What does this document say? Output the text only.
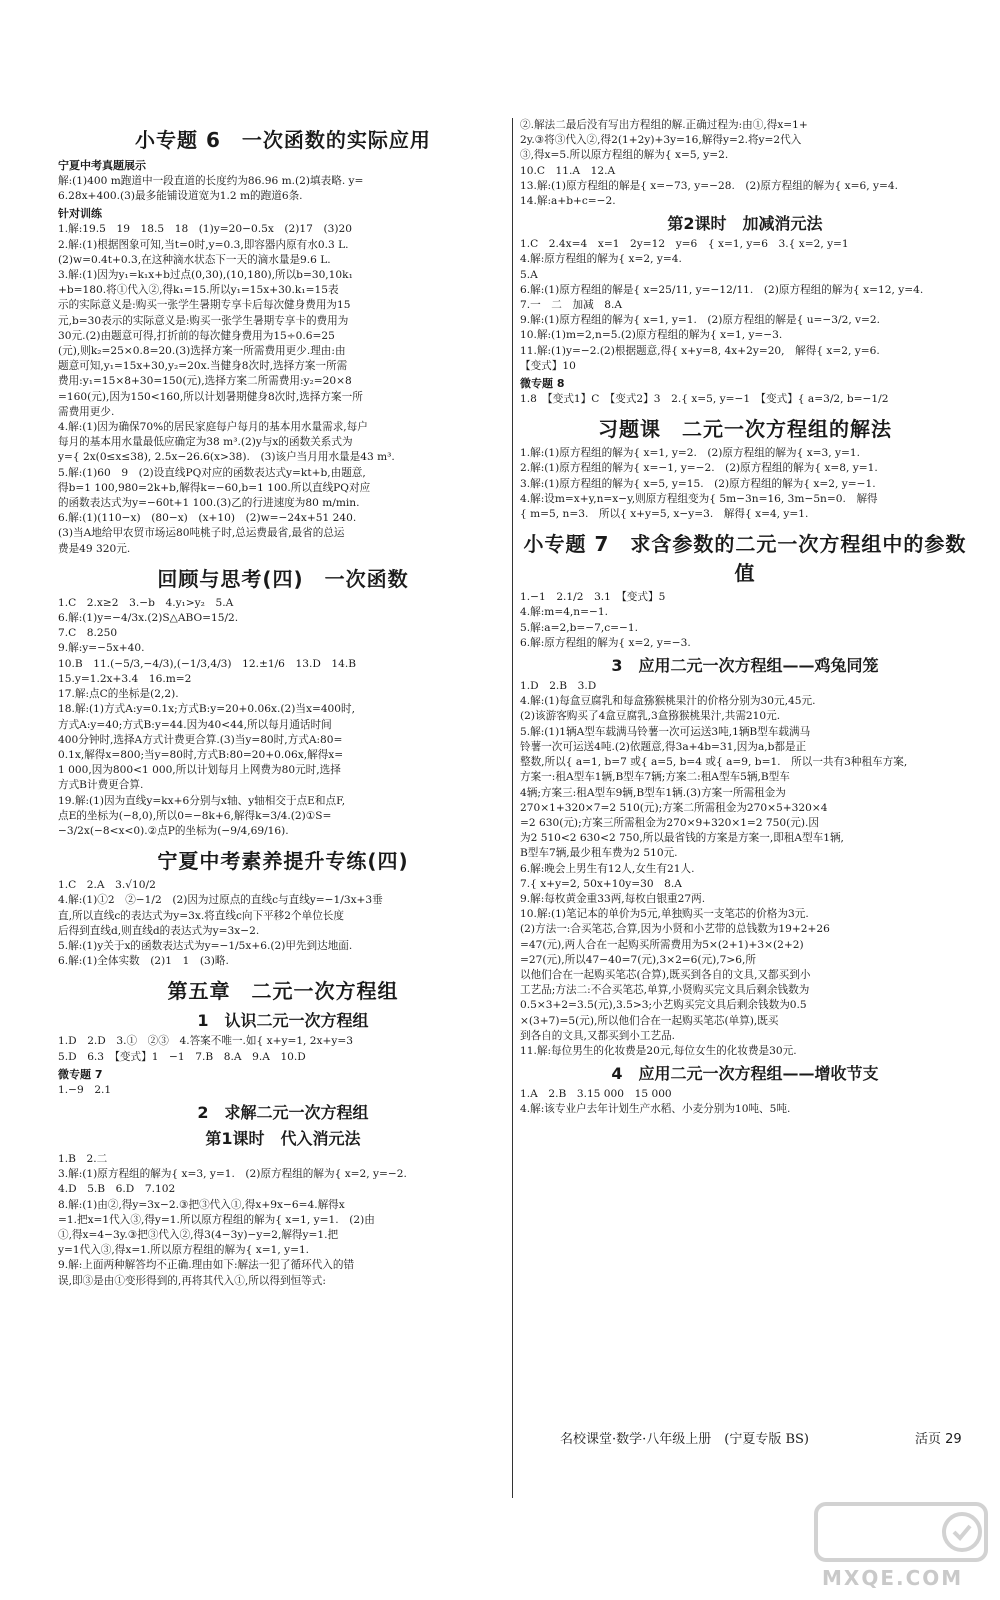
小专题 6　一次函数的实际应用
宁夏中考真题展示
解:(1)400 m跑道中一段直道的长度约为86.96 m.(2)填表略. y=
6.28x+400.(3)最多能铺设道宽为1.2 m的跑道6条.
针对训练
1.解:19.5　19　18.5　18　(1)y=20−0.5x　(2)17　(3)20
2.解:(1)根据图象可知,当t=0时,y=0.3,即容器内原有水0.3 L.
(2)w=0.4t+0.3,在这种滴水状态下一天的滴水量是9.6 L.
3.解:(1)因为y₁=k₁x+b过点(0,30),(10,180),所以b=30,10k₁
+b=180.将①代入②,得k₁=15.所以y₁=15x+30.k₁=15表
示的实际意义是:购买一张学生暑期专享卡后每次健身费用为15
元,b=30表示的实际意义是:购买一张学生暑期专享卡的费用为
30元.(2)由题意可得,打折前的每次健身费用为15÷0.6=25
(元),则k₂=25×0.8=20.(3)选择方案一所需费用更少.理由:由
题意可知,y₁=15x+30,y₂=20x.当健身8次时,选择方案一所需
费用:y₁=15×8+30=150(元),选择方案二所需费用:y₂=20×8
=160(元),因为150<160,所以计划暑期健身8次时,选择方案一所
需费用更少.
4.解:(1)因为确保70%的居民家庭每户每月的基本用水量需求,每户
每月的基本用水量最低应确定为38 m³.(2)y与x的函数关系式为
y={ 2x(0≤x≤38), 2.5x−26.6(x>38).　(3)该户当月用水量是43 m³.
5.解:(1)60　9　(2)设直线PQ对应的函数表达式y=kt+b,由题意,
得b=1 100,980=2k+b,解得k=−60,b=1 100.所以直线PQ对应
的函数表达式为y=−60t+1 100.(3)乙的行进速度为80 m/min.
6.解:(1)(110−x)　(80−x)　(x+10)　(2)w=−24x+51 240.
(3)当A地给甲农贸市场运80吨桃子时,总运费最省,最省的总运
费是49 320元.
回顾与思考(四)　一次函数
1.C　2.x≥2　3.−b　4.y₁>y₂　5.A
6.解:(1)y=−4/3x.(2)S△ABO=15/2.
7.C　8.250
9.解:y=−5x+40.
10.B　11.(−5/3,−4/3),(−1/3,4/3)　12.±1/6　13.D　14.B
15.y=1.2x+3.4　16.m=2
17.解:点C的坐标是(2,2).
18.解:(1)方式A:y=0.1x;方式B:y=20+0.06x.(2)当x=400时,
方式A:y=40;方式B:y=44.因为40<44,所以每月通话时间
400分钟时,选择A方式计费更合算.(3)当y=80时,方式A:80=
0.1x,解得x=800;当y=80时,方式B:80=20+0.06x,解得x=
1 000,因为800<1 000,所以计划每月上网费为80元时,选择
方式B计费更合算.
19.解:(1)因为直线y=kx+6分别与x轴、y轴相交于点E和点F,
点E的坐标为(−8,0),所以0=−8k+6,解得k=3/4.(2)①S=
−3/2x(−8<x<0).②点P的坐标为(−9/4,69/16).
宁夏中考素养提升专练(四)
1.C　2.A　3.√10/2
4.解:(1)①2　②−1/2　(2)因为过原点的直线c与直线y=−1/3x+3垂
直,所以直线c的表达式为y=3x.将直线c向下平移2个单位长度
后得到直线d,则直线d的表达式为y=3x−2.
5.解:(1)y关于x的函数表达式为y=−1/5x+6.(2)甲先到达地面.
6.解:(1)全体实数　(2)1　1　(3)略.
第五章　二元一次方程组
1　认识二元一次方程组
1.D　2.D　3.①　②③　4.答案不唯一.如{ x+y=1, 2x+y=3
5.D　6.3　【变式】1　−1　7.B　8.A　9.A　10.D
微专题 7
1.−9　2.1
2　求解二元一次方程组
第1课时　代入消元法
1.B　2.二
3.解:(1)原方程组的解为{ x=3, y=1.　(2)原方程组的解为{ x=2, y=−2.
4.D　5.B　6.D　7.102
8.解:(1)由②,得y=3x−2.③把③代入①,得x+9x−6=4.解得x
=1.把x=1代入③,得y=1.所以原方程组的解为{ x=1, y=1.　(2)由
①,得x=4−3y.③把③代入②,得3(4−3y)−y=2,解得y=1.把
y=1代入③,得x=1.所以原方程组的解为{ x=1, y=1.
9.解:上面两种解答均不正确.理由如下:解法一犯了循环代入的错
误,即③是由①变形得到的,再将其代入①,所以得到恒等式:
②.解法二最后没有写出方程组的解.正确过程为:由①,得x=1+
2y.③将③代入②,得2(1+2y)+3y=16,解得y=2.将y=2代入
③,得x=5.所以原方程组的解为{ x=5, y=2.
10.C　11.A　12.A
13.解:(1)原方程组的解是{ x=−73, y=−28.　(2)原方程组的解为{ x=6, y=4.
14.解:a+b+c=−2.
第2课时　加减消元法
1.C　2.4x=4　x=1　2y=12　y=6　{ x=1, y=6　3.{ x=2, y=1
4.解:原方程组的解为{ x=2, y=4.
5.A
6.解:(1)原方程组的解是{ x=25/11, y=−12/11.　(2)原方程组的解为{ x=12, y=4.
7.一　二　加减　8.A
9.解:(1)原方程组的解为{ x=1, y=1.　(2)原方程组的解是{ u=−3/2, v=2.
10.解:(1)m=2,n=5.(2)原方程组的解为{ x=1, y=−3.
11.解:(1)y=−2.(2)根据题意,得{ x+y=8, 4x+2y=20,　解得{ x=2, y=6.
【变式】10
微专题 8
1.8　【变式1】C　【变式2】3　2.{ x=5, y=−1　【变式】{ a=3/2, b=−1/2
习题课　二元一次方程组的解法
1.解:(1)原方程组的解为{ x=1, y=2.　(2)原方程组的解为{ x=3, y=1.
2.解:(1)原方程组的解为{ x=−1, y=−2.　(2)原方程组的解为{ x=8, y=1.
3.解:(1)原方程组的解为{ x=5, y=15.　(2)原方程组的解为{ x=2, y=−1.
4.解:设m=x+y,n=x−y,则原方程组变为{ 5m−3n=16, 3m−5n=0.　解得
{ m=5, n=3.　所以{ x+y=5, x−y=3.　解得{ x=4, y=1.
小专题 7　求含参数的二元一次方程组中的参数值
1.−1　2.1/2　3.1　【变式】5
4.解:m=4,n=−1.
5.解:a=2,b=−7,c=−1.
6.解:原方程组的解为{ x=2, y=−3.
3　应用二元一次方程组——鸡兔同笼
1.D　2.B　3.D
4.解:(1)每盒豆腐乳和每盒猕猴桃果汁的价格分别为30元,45元.
(2)该游客购买了4盒豆腐乳,3盒猕猴桃果汁,共需210元.
5.解:(1)1辆A型车载满马铃薯一次可运送3吨,1辆B型车载满马
铃薯一次可运送4吨.(2)依题意,得3a+4b=31,因为a,b都是正
整数,所以{ a=1, b=7 或{ a=5, b=4 或{ a=9, b=1.　所以一共有3种租车方案,
方案一:租A型车1辆,B型车7辆;方案二:租A型车5辆,B型车
4辆;方案三:租A型车9辆,B型车1辆.(3)方案一所需租金为
270×1+320×7=2 510(元);方案二所需租金为270×5+320×4
=2 630(元);方案三所需租金为270×9+320×1=2 750(元).因
为2 510<2 630<2 750,所以最省钱的方案是方案一,即租A型车1辆,
B型车7辆,最少租车费为2 510元.
6.解:晚会上男生有12人,女生有21人.
7.{ x+y=2, 50x+10y=30　8.A
9.解:每枚黄金重33两,每枚白银重27两.
10.解:(1)笔记本的单价为5元,单独购买一支笔芯的价格为3元.
(2)方法一:合买笔芯,合算,因为小贤和小艺带的总钱数为19+2+26
=47(元),两人合在一起购买所需费用为5×(2+1)+3×(2+2)
=27(元),所以47−40=7(元),3×2=6(元),7>6,所
以他们合在一起购买笔芯(合算),既买到各自的文具,又都买到小
工艺品;方法二:不合买笔芯,单算,小贤购买完文具后剩余钱数为
0.5×3+2=3.5(元),3.5>3;小艺购买完文具后剩余钱数为0.5
×(3+7)=5(元),所以他们合在一起购买笔芯(单算),既买
到各自的文具,又都买到小工艺品.
11.解:每位男生的化妆费是20元,每位女生的化妆费是30元.
4　应用二元一次方程组——增收节支
1.A　2.B　3.15 000　15 000
4.解:该专业户去年计划生产水稻、小麦分别为10吨、5吨.
名校课堂·数学·八年级上册　(宁夏专版 BS)	活页 29
MXQE.COM
